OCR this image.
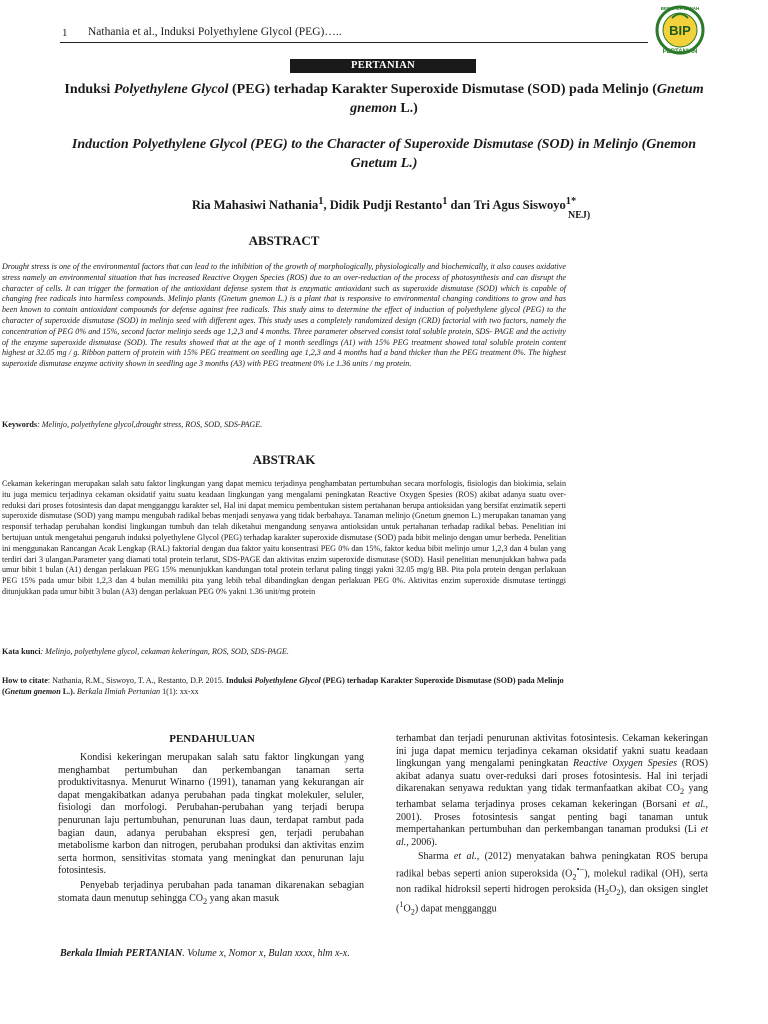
1 Nathania et al., Induksi Polyethylene Glycol (PEG)…..	BIP
PERTANIAN
BERKALA ILMIAH
PERTANIAN
Induksi Polyethylene Glycol (PEG) terhadap Karakter Superoxide Dismutase (SOD) pada Melinjo (Gnetum gnemon L.)
Induction Polyethylene Glycol (PEG) to the Character of Superoxide Dismutase (SOD) in Melinjo (Gnemon Gnetum L.)
Ria Mahasiwi Nathania$^1$, Didik Pudji Restanto$^1$ dan Tri Agus Siswoyo$^{1*}$
NEJ)
ABSTRACT
Drought stress is one of the environmental factors that can lead to the inhibition of the growth of morphologically, physiologically and biochemically, it also causes oxidative stress namely an environmental situation that has increased Reactive Oxygen Species (ROS) due to an over-reduction of the process of photosynthesis and can disrupt the character of cells. It can trigger the formation of the antioxidant defense system that is enzymatic antioxidant such as superoxide dismutase (SOD) which is capable of changing free radicals into harmless compounds. Melinjo plants (Gnetum gnemon L.) is a plant that is responsive to environmental changing conditions to grow and has been known to contain antioxidant compounds for defense against free radicals. This study aims to determine the effect of induction of polyethylene glycol (PEG) to the character of superoxide dismutase (SOD) in melinjo seed with different ages. This study uses a completely randomized design (CRD) factorial with two factors, namely the concentration of PEG 0% and 15%, second factor melinjo seeds age 1,2,3 and 4 months. Three parameter observed consist total soluble protein, SDS- PAGE and the activity of the enzyme superoxide dismutase (SOD). The results showed that at the age of 1 month seedlings (A1) with 15% PEG treatment showed total soluble protein content highest at 32.05 mg / g. Ribbon pattern of protein with 15% PEG treatment on seedling age 1,2,3 and 4 months had a band thicker than the PEG treatment 0%. The highest superoxide dismutase enzyme activity shown in seedling age 3 months (A3) with PEG treatment 0% i.e 1.36 units / mg protein.
Keywords: Melinjo, polyethylene glycol,drought stress, ROS, SOD, SDS-PAGE.
ABSTRAK
Cekaman kekeringan merupakan salah satu faktor lingkungan yang dapat memicu terjadinya penghambatan pertumbuhan secara morfologis, fisiologis dan biokimia, selain itu juga memicu terjadinya cekaman oksidatif yaitu suatu keadaan lingkungan yang mengalami peningkatan Reactive Oxygen Spesies (ROS) akibat adanya suatu over-reduksi dari proses fotosintesis dan dapat mengganggu karakter sel, Hal ini dapat memicu pembentukan sistem pertahanan berupa antioksidan yang bersifat enzimatik seperti superoxide dismutase (SOD) yang mampu mengubah radikal bebas menjadi senyawa yang tidak berbahaya. Tanaman melinjo (Gnetum gnemon L.) merupakan tanaman yang responsif terhadap perubahan kondisi lingkungan tumbuh dan telah diketahui mengandung senyawa antioksidan untuk pertahanan terhadap radikal bebas. Penelitian ini bertujuan untuk mengetahui pengaruh induksi polyethylene Glycol (PEG) terhadap karakter superoxide dismutase (SOD) pada bibit melinjo dengan umur berbeda. Penelitian ini menggunakan Rancangan Acak Lengkap (RAL) faktorial dengan dua faktor yaitu konsentrasi PEG 0% dan 15%, faktor kedua bibit melinjo umur 1,2,3 dan 4 bulan yang terdiri dari 3 ulangan.Parameter yang diamati total protein terlarut, SDS-PAGE dan aktivitas enzim superoxide dismutase (SOD). Hasil penelitian menunjukkan bahwa pada umur bibit 1 bulan (A1) dengan perlakuan PEG 15% menunjukkan kandungan total protein terlarut paling tinggi yakni 32.05 mg/g BB. Pita pola protein dengan perlakuan PEG 15% pada umur bibit 1,2,3 dan 4 bulan memiliki pita yang lebih tebal dibandingkan dengan perlakuan PEG 0%. Aktivitas enzim superoxide dismutase tertinggi ditunjukkan pada umur bibit 3 bulan (A3) dengan perlakuan PEG 0% yakni 1.36 unit/mg protein
Kata kunci: Melinjo, polyethylene glycol, cekaman kekeringan, ROS, SOD, SDS-PAGE.
How to citate: Nathania, R.M., Siswoyo, T. A., Restanto, D.P. 2015. Induksi Polyethylene Glycol (PEG) terhadap Karakter Superoxide Dismutase (SOD) pada Melinjo (Gnetum gnemon L.). Berkala Ilmiah Pertanian 1(1): xx-xx
PENDAHULUAN

Kondisi kekeringan merupakan salah satu faktor lingkungan yang menghambat pertumbuhan dan perkembangan tanaman serta produktivitasnya. Menurut Winarno (1991), tanaman yang kekurangan air dapat mengakibatkan adanya perubahan pada tingkat molekuler, seluler, fisiologi dan morfologi. Perubahan-perubahan yang terjadi berupa penurunan laju pertumbuhan, penurunan luas daun, terdapat rambut pada bagian daun, adanya perubahan ekspresi gen, terjadi perubahan metabolisme karbon dan nitrogen, perubahan produksi dan aktivitas enzim serta hormon, sensitivitas stomata yang meningkat dan penurunan laju fotosintesis.

Penyebab terjadinya perubahan pada tanaman dikarenakan sebagian stomata daun menutup sehingga $CO_2$ yang akan masuk

terhambat dan terjadi penurunan aktivitas fotosintesis. Cekaman kekeringan ini juga dapat memicu terjadinya cekaman oksidatif yakni suatu keadaan lingkungan yang mengalami peningkatan Reactive Oxygen Spesies (ROS) akibat adanya suatu over-reduksi dari proses fotosintesis. Hal ini terjadi dikarenakan senyawa reduktan yang tidak termanfaatkan akibat $CO_2$ yang terhambat selama terjadinya proses cekaman kekeringan (Borsani et al., 2001). Proses fotosintesis sangat penting bagi tanaman untuk mempertahankan pertumbuhan dan perkembangan tanaman produksi (Li et al., 2006).

Sharma et al., (2012) menyatakan bahwa peningkatan ROS berupa radikal bebas seperti anion superoksida $(O_2^{•-})$, molekul radikal (OH), serta non radikal hidroksil seperti hidrogen peroksida $(H_2O_2)$, dan oksigen singlet $(^1O_2)$ dapat mengganggu

Berkala Ilmiah PERTANIAN. Volume x, Nomor x, Bulan xxxx, hlm x-x.
